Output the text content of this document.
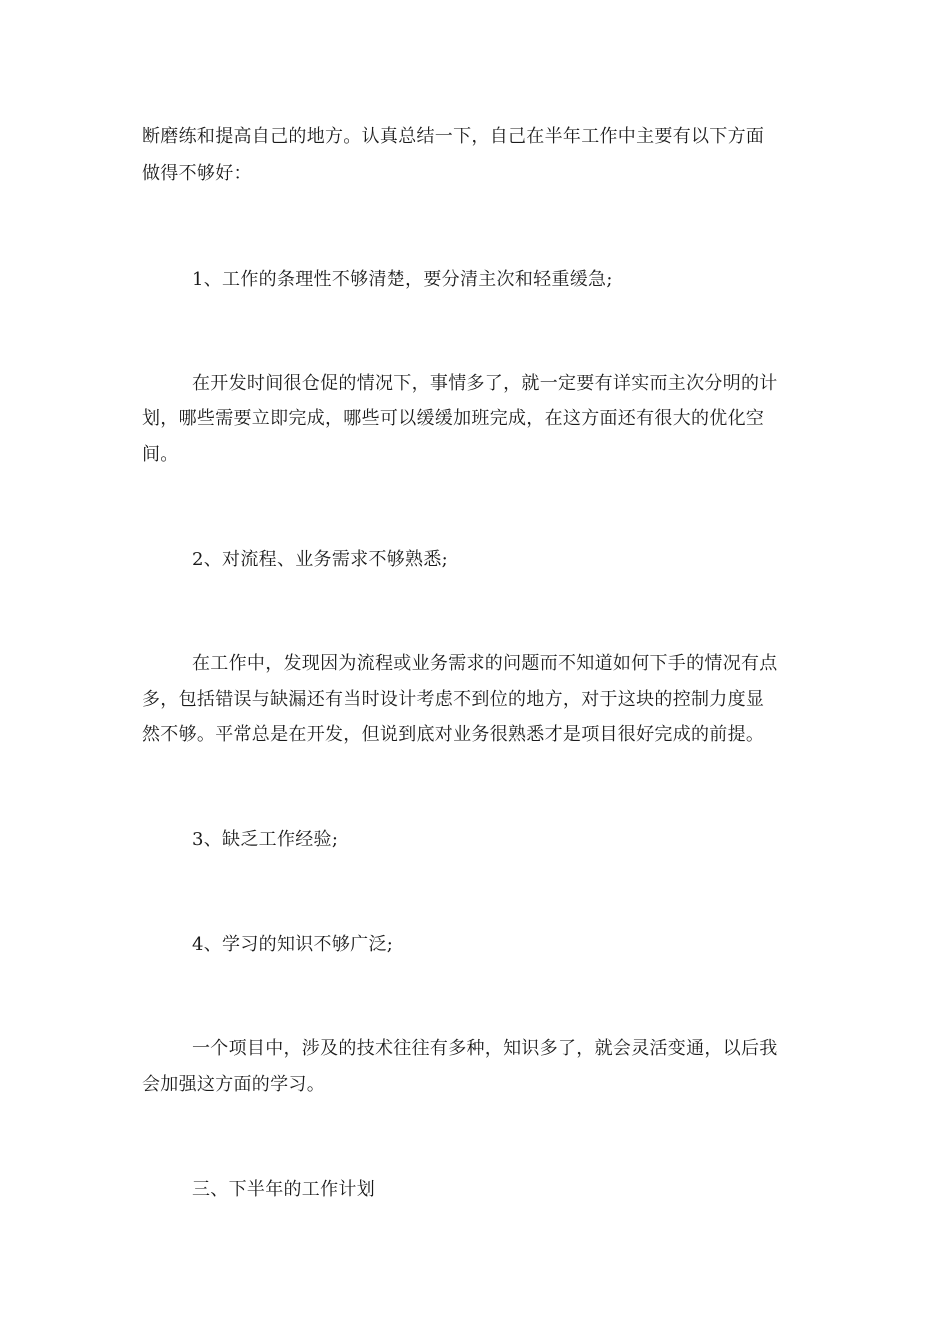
断磨练和提高自己的地方。认真总结一下，自己在半年工作中主要有以下方面
做得不够好：
1、工作的条理性不够清楚，要分清主次和轻重缓急;
在开发时间很仓促的情况下，事情多了，就一定要有详实而主次分明的计
划，哪些需要立即完成，哪些可以缓缓加班完成，在这方面还有很大的优化空
间。
2、对流程、业务需求不够熟悉;
在工作中，发现因为流程或业务需求的问题而不知道如何下手的情况有点
多，包括错误与缺漏还有当时设计考虑不到位的地方，对于这块的控制力度显
然不够。平常总是在开发，但说到底对业务很熟悉才是项目很好完成的前提。
3、缺乏工作经验;
4、学习的知识不够广泛;
一个项目中，涉及的技术往往有多种，知识多了，就会灵活变通，以后我
会加强这方面的学习。
三、下半年的工作计划
